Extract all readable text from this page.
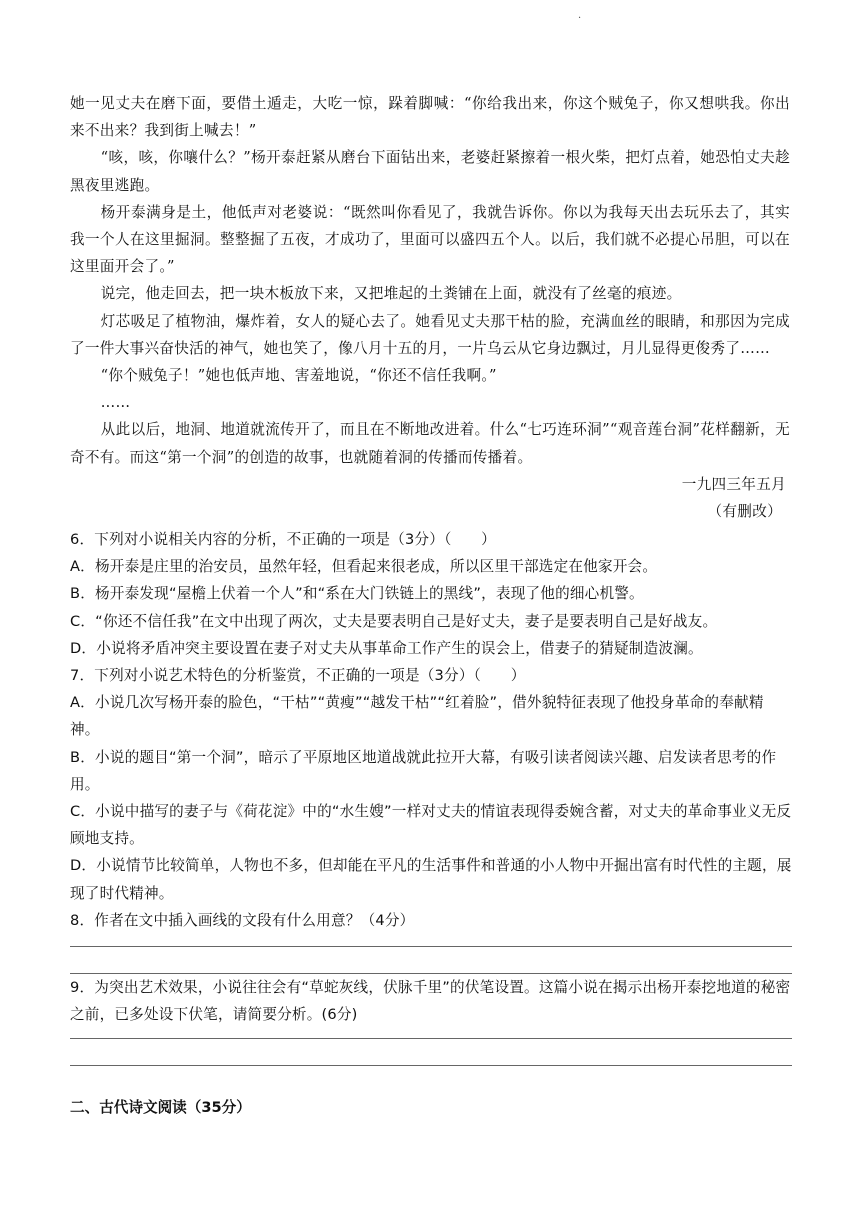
·

她一见丈夫在磨下面，要借土遁走，大吃一惊，跺着脚喊：“你给我出来，你这个贼兔子，你又想哄我。你出来不出来？我到街上喊去！”

“咳，咳，你嚷什么？”杨开泰赶紧从磨台下面钻出来，老婆赶紧擦着一根火柴，把灯点着，她恐怕丈夫趁黑夜里逃跑。

杨开泰满身是土，他低声对老婆说：“既然叫你看见了，我就告诉你。你以为我每天出去玩乐去了，其实我一个人在这里掘洞。整整掘了五夜，才成功了，里面可以盛四五个人。以后，我们就不必提心吊胆，可以在这里面开会了。”

说完，他走回去，把一块木板放下来，又把堆起的土粪铺在上面，就没有了丝毫的痕迹。

灯芯吸足了植物油，爆炸着，女人的疑心去了。她看见丈夫那干枯的脸，充满血丝的眼睛，和那因为完成了一件大事兴奋快活的神气，她也笑了，像八月十五的月，一片乌云从它身边飘过，月儿显得更俊秀了……

“你个贼兔子！”她也低声地、害羞地说，“你还不信任我啊。”

……

从此以后，地洞、地道就流传开了，而且在不断地改进着。什么“七巧连环洞”“观音莲台洞”花样翻新，无奇不有。而这“第一个洞”的创造的故事，也就随着洞的传播而传播着。

一九四三年五月

（有删改）

6．下列对小说相关内容的分析，不正确的一项是（3分）（　　）

A．杨开泰是庄里的治安员，虽然年轻，但看起来很老成，所以区里干部选定在他家开会。

B．杨开泰发现“屋檐上伏着一个人”和“系在大门铁链上的黑线”，表现了他的细心机警。

C．“你还不信任我”在文中出现了两次，丈夫是要表明自己是好丈夫，妻子是要表明自己是好战友。

D．小说将矛盾冲突主要设置在妻子对丈夫从事革命工作产生的误会上，借妻子的猜疑制造波澜。

7．下列对小说艺术特色的分析鉴赏，不正确的一项是（3分）（　　）

A．小说几次写杨开泰的脸色，“干枯”“黄瘦”“越发干枯”“红着脸”，借外貌特征表现了他投身革命的奉献精神。

B．小说的题目“第一个洞”，暗示了平原地区地道战就此拉开大幕，有吸引读者阅读兴趣、启发读者思考的作用。

C．小说中描写的妻子与《荷花淀》中的“水生嫂”一样对丈夫的情谊表现得委婉含蓄，对丈夫的革命事业义无反顾地支持。

D．小说情节比较简单，人物也不多，但却能在平凡的生活事件和普通的小人物中开掘出富有时代性的主题，展现了时代精神。

8．作者在文中插入画线的文段有什么用意？（4分）

9．为突出艺术效果，小说往往会有“草蛇灰线，伏脉千里”的伏笔设置。这篇小说在揭示出杨开泰挖地道的秘密之前，已多处设下伏笔，请简要分析。(6分)

二、古代诗文阅读（35分）
